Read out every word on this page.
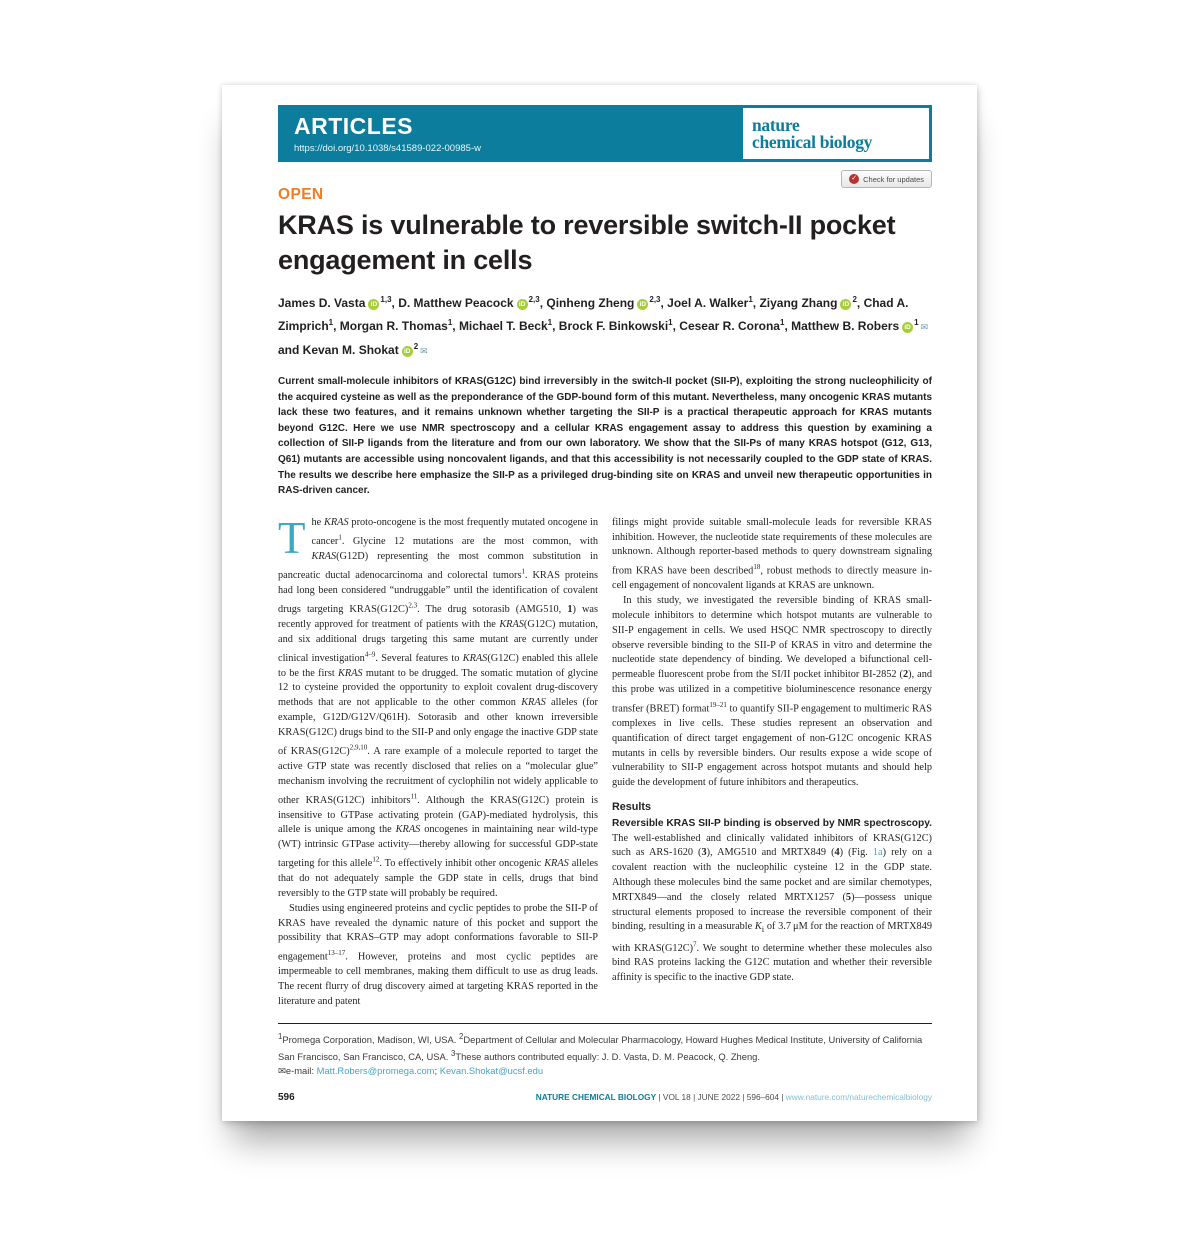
ARTICLES
https://doi.org/10.1038/s41589-022-00985-w
nature
chemical biology
OPEN
✓ Check for updates
KRAS is vulnerable to reversible switch-II pocket engagement in cells
James D. Vasta iD$^{1,3}$, D. Matthew Peacock iD$^{2,3}$, Qinheng Zheng iD$^{2,3}$, Joel A. Walker$^1$, Ziyang Zhang $iD^2$, Chad A. Zimprich$^1$, Morgan R. Thomas$^1$, Michael T. Beck$^1$, Brock F. Binkowski$^1$, Cesear R. Corona$^1$, Matthew B. Robers $iD^1$ ✉ and Kevan M. Shokat $iD^2$ ✉
Current small-molecule inhibitors of KRAS(G12C) bind irreversibly in the switch-II pocket (SII-P), exploiting the strong nucleophilicity of the acquired cysteine as well as the preponderance of the GDP-bound form of this mutant. Nevertheless, many oncogenic KRAS mutants lack these two features, and it remains unknown whether targeting the SII-P is a practical therapeutic approach for KRAS mutants beyond G12C. Here we use NMR spectroscopy and a cellular KRAS engagement assay to address this question by examining a collection of SII-P ligands from the literature and from our own laboratory. We show that the SII-Ps of many KRAS hotspot (G12, G13, Q61) mutants are accessible using noncovalent ligands, and that this accessibility is not necessarily coupled to the GDP state of KRAS. The results we describe here emphasize the SII-P as a privileged drug-binding site on KRAS and unveil new therapeutic opportunities in RAS-driven cancer.

The KRAS proto-oncogene is the most frequently mutated oncogene in cancer$^1$. Glycine 12 mutations are the most common, with KRAS(G12D) representing the most common substitution in pancreatic ductal adenocarcinoma and colorectal tumors$^1$. KRAS proteins had long been considered “undruggable” until the identification of covalent drugs targeting $KRAS(G12C)^{2,3}$. The drug sotorasib (AMG510, 1) was recently approved for treatment of patients with the KRAS(G12C) mutation, and six additional drugs targeting this same mutant are currently under clinical investigation$^{4-9}$. Several features to KRAS(G12C) enabled this allele to be the first KRAS mutant to be drugged. The somatic mutation of glycine 12 to cysteine provided the opportunity to exploit covalent drug-discovery methods that are not applicable to the other common KRAS alleles (for example, G12D/G12V/Q61H). Sotorasib and other known irreversible KRAS(G12C) drugs bind to the SII-P and only engage the inactive GDP state of $KRAS(G12C)^{2,9,10}$. A rare example of a molecule reported to target the active GTP state was recently disclosed that relies on a “molecular glue” mechanism involving the recruitment of cyclophilin not widely applicable to other KRAS(G12C) inhibitors$^{11}$. Although the KRAS(G12C) protein is insensitive to GTPase activating protein (GAP)-mediated hydrolysis, this allele is unique among the KRAS oncogenes in maintaining near wild-type (WT) intrinsic GTPase activity—thereby allowing for successful GDP-state targeting for this allele$^{12}$. To effectively inhibit other oncogenic KRAS alleles that do not adequately sample the GDP state in cells, drugs that bind reversibly to the GTP state will probably be required.

Studies using engineered proteins and cyclic peptides to probe the SII-P of KRAS have revealed the dynamic nature of this pocket and support the possibility that KRAS–GTP may adopt conformations favorable to SII-P engagement$^{13-17}$. However, proteins and most cyclic peptides are impermeable to cell membranes, making them difficult to use as drug leads. The recent flurry of drug discovery aimed at targeting KRAS reported in the literature and patent

filings might provide suitable small-molecule leads for reversible KRAS inhibition. However, the nucleotide state requirements of these molecules are unknown. Although reporter-based methods to query downstream signaling from KRAS have been described$^{18}$, robust methods to directly measure in-cell engagement of noncovalent ligands at KRAS are unknown.

In this study, we investigated the reversible binding of KRAS small-molecule inhibitors to determine which hotspot mutants are vulnerable to SII-P engagement in cells. We used HSQC NMR spectroscopy to directly observe reversible binding to the SII-P of KRAS in vitro and determine the nucleotide state dependency of binding. We developed a bifunctional cell-permeable fluorescent probe from the SI/II pocket inhibitor BI-2852 (2), and this probe was utilized in a competitive bioluminescence resonance energy transfer (BRET) format$^{19-21}$ to quantify SII-P engagement to multimeric RAS complexes in live cells. These studies represent an observation and quantification of direct target engagement of non-G12C oncogenic KRAS mutants in cells by reversible binders. Our results expose a wide scope of vulnerability to SII-P engagement across hotspot mutants and should help guide the development of future inhibitors and therapeutics.

Results

Reversible KRAS SII-P binding is observed by NMR spectroscopy. The well-established and clinically validated inhibitors of KRAS(G12C) such as ARS-1620 (3), AMG510 and MRTX849 (4) (Fig. 1a) rely on a covalent reaction with the nucleophilic cysteine 12 in the GDP state. Although these molecules bind the same pocket and are similar chemotypes, MRTX849—and the closely related MRTX1257 (5)—possess unique structural elements proposed to increase the reversible component of their binding, resulting in a measurable $K_i$ of 3.7 μM for the reaction of MRTX849 with $KRAS(G12C)^7$. We sought to determine whether these molecules also bind RAS proteins lacking the G12C mutation and whether their reversible affinity is specific to the inactive GDP state.

$^1$Promega Corporation, Madison, WI, USA. $^2$Department of Cellular and Molecular Pharmacology, Howard Hughes Medical Institute, University of California San Francisco, San Francisco, CA, USA. $^3$These authors contributed equally: J. D. Vasta, D. M. Peacock, Q. Zheng.
✉e-mail: Matt.Robers@promega.com; Kevan.Shokat@ucsf.edu
596	NATURE CHEMICAL BIOLOGY | VOL 18 | JUNE 2022 | 596–604 | www.nature.com/naturechemicalbiology
